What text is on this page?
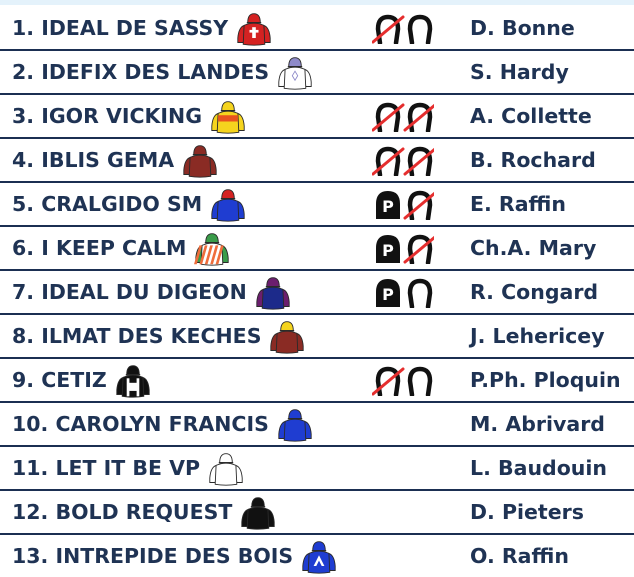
1. IDEAL DE SASSY	D. Bonne
2. IDEFIX DES LANDES	S. Hardy
3. IGOR VICKING	A. Collette
4. IBLIS GEMA	B. Rochard
5. CRALGIDO SM	P	E. Raffin
6. I KEEP CALM	P	Ch.A. Mary
7. IDEAL DU DIGEON	P	R. Congard
8. ILMAT DES KECHES	J. Lehericey
9. CETIZ	P.Ph. Ploquin
10. CAROLYN FRANCIS	M. Abrivard
11. LET IT BE VP	L. Baudouin
12. BOLD REQUEST	D. Pieters
13. INTREPIDE DES BOIS	O. Raffin
